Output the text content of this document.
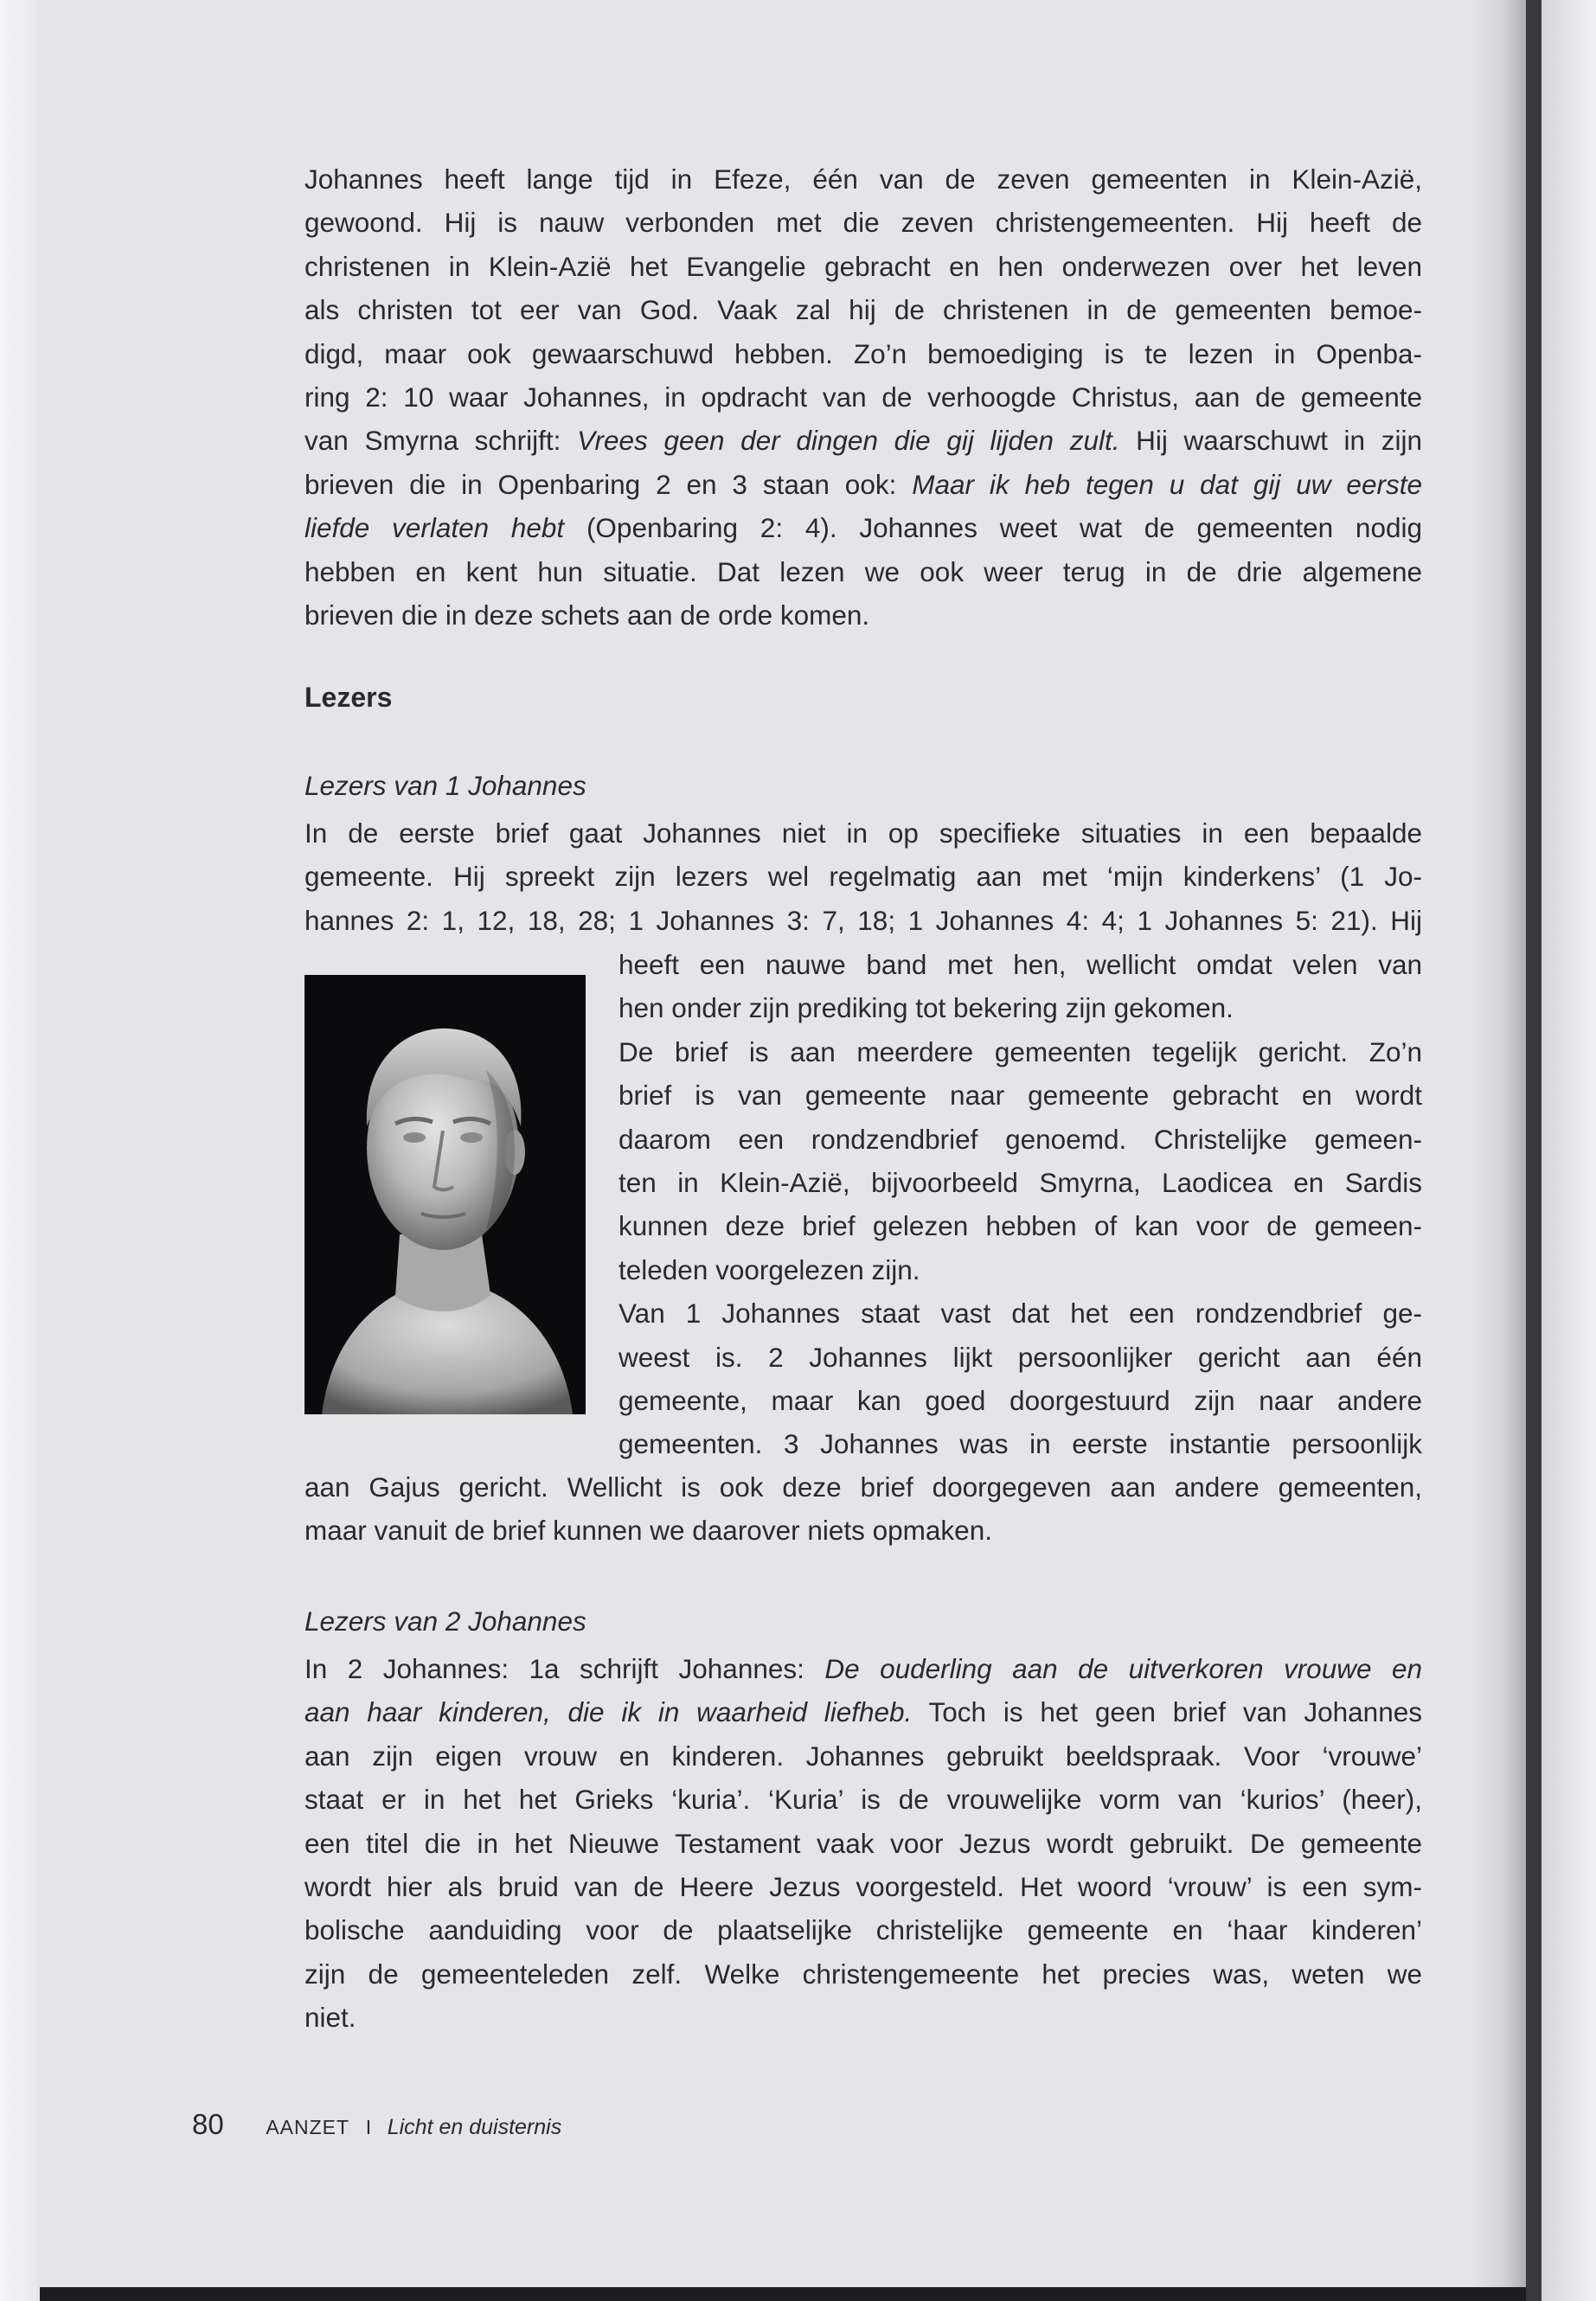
Johannes heeft lange tijd in Efeze, één van de zeven gemeenten in Klein-Azië,
gewoond. Hij is nauw verbonden met die zeven christengemeenten. Hij heeft de
christenen in Klein-Azië het Evangelie gebracht en hen onderwezen over het leven
als christen tot eer van God. Vaak zal hij de christenen in de gemeenten bemoe-
digd, maar ook gewaarschuwd hebben. Zo’n bemoediging is te lezen in Openba-
ring 2: 10 waar Johannes, in opdracht van de verhoogde Christus, aan de gemeente
van Smyrna schrijft: Vrees geen der dingen die gij lijden zult. Hij waarschuwt in zijn
brieven die in Openbaring 2 en 3 staan ook: Maar ik heb tegen u dat gij uw eerste
liefde verlaten hebt (Openbaring 2: 4). Johannes weet wat de gemeenten nodig
hebben en kent hun situatie. Dat lezen we ook weer terug in de drie algemene
brieven die in deze schets aan de orde komen.
Lezers
Lezers van 1 Johannes
In de eerste brief gaat Johannes niet in op specifieke situaties in een bepaalde
gemeente. Hij spreekt zijn lezers wel regelmatig aan met ‘mijn kinderkens’ (1 Jo-
hannes 2: 1, 12, 18, 28; 1 Johannes 3: 7, 18; 1 Johannes 4: 4; 1 Johannes 5: 21). Hij
heeft een nauwe band met hen, wellicht omdat velen van
hen onder zijn prediking tot bekering zijn gekomen.
De brief is aan meerdere gemeenten tegelijk gericht. Zo’n
brief is van gemeente naar gemeente gebracht en wordt
daarom een rondzendbrief genoemd. Christelijke gemeen-
ten in Klein-Azië, bijvoorbeeld Smyrna, Laodicea en Sardis
kunnen deze brief gelezen hebben of kan voor de gemeen-
teleden voorgelezen zijn.
Van 1 Johannes staat vast dat het een rondzendbrief ge-
weest is. 2 Johannes lijkt persoonlijker gericht aan één
gemeente, maar kan goed doorgestuurd zijn naar andere
gemeenten. 3 Johannes was in eerste instantie persoonlijk
aan Gajus gericht. Wellicht is ook deze brief doorgegeven aan andere gemeenten,
maar vanuit de brief kunnen we daarover niets opmaken.
Lezers van 2 Johannes
In 2 Johannes: 1a schrijft Johannes: De ouderling aan de uitverkoren vrouwe en
aan haar kinderen, die ik in waarheid liefheb. Toch is het geen brief van Johannes
aan zijn eigen vrouw en kinderen. Johannes gebruikt beeldspraak. Voor ‘vrouwe’
staat er in het het Grieks ‘kuria’. ‘Kuria’ is de vrouwelijke vorm van ‘kurios’ (heer),
een titel die in het Nieuwe Testament vaak voor Jezus wordt gebruikt. De gemeente
wordt hier als bruid van de Heere Jezus voorgesteld. Het woord ‘vrouw’ is een sym-
bolische aanduiding voor de plaatselijke christelijke gemeente en ‘haar kinderen’
zijn de gemeenteleden zelf. Welke christengemeente het precies was, weten we
niet.
80 AANZET I Licht en duisternis
